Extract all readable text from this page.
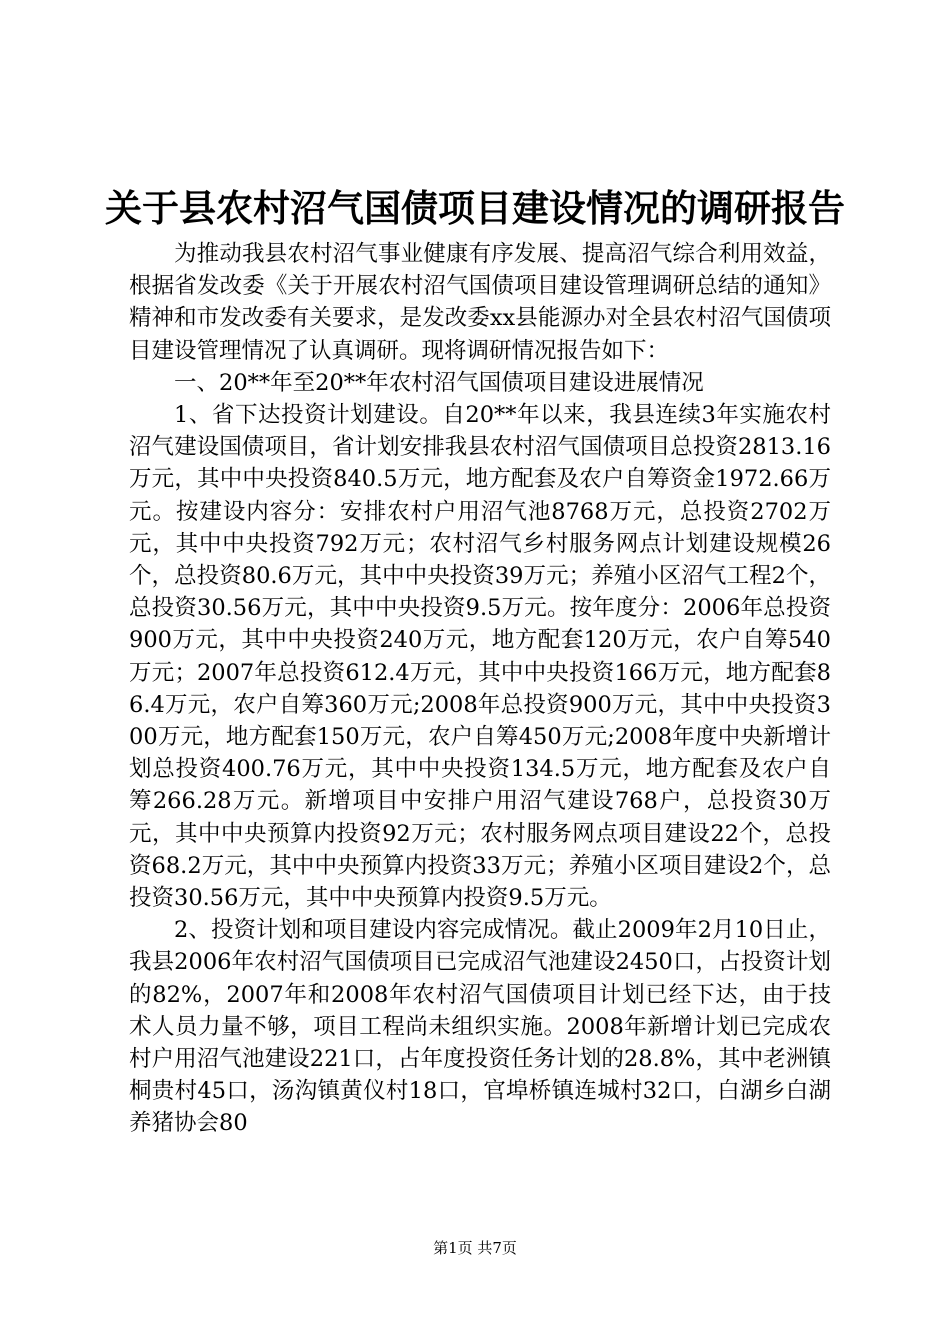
关于县农村沼气国债项目建设情况的调研报告

为推动我县农村沼气事业健康有序发展、提高沼气综合利用效益，根据省发改委《关于开展农村沼气国债项目建设管理调研总结的通知》精神和市发改委有关要求，是发改委xx县能源办对全县农村沼气国债项目建设管理情况了认真调研。现将调研情况报告如下：

一、20**年至20**年农村沼气国债项目建设进展情况

1、省下达投资计划建设。自20**年以来，我县连续3年实施农村沼气建设国债项目，省计划安排我县农村沼气国债项目总投资2813.16万元，其中中央投资840.5万元，地方配套及农户自筹资金1972.66万元。按建设内容分：安排农村户用沼气池8768万元，总投资2702万元，其中中央投资792万元；农村沼气乡村服务网点计划建设规模26个，总投资80.6万元，其中中央投资39万元；养殖小区沼气工程2个，总投资30.56万元，其中中央投资9.5万元。按年度分：2006年总投资900万元，其中中央投资240万元，地方配套120万元，农户自筹540万元；2007年总投资612.4万元，其中中央投资166万元，地方配套86.4万元，农户自筹360万元;2008年总投资900万元，其中中央投资300万元，地方配套150万元，农户自筹450万元;2008年度中央新增计划总投资400.76万元，其中中央投资134.5万元，地方配套及农户自筹266.28万元。新增项目中安排户用沼气建设768户，总投资30万元，其中中央预算内投资92万元；农村服务网点项目建设22个，总投资68.2万元，其中中央预算内投资33万元；养殖小区项目建设2个，总投资30.56万元，其中中央预算内投资9.5万元。

2、投资计划和项目建设内容完成情况。截止2009年2月10日止，我县2006年农村沼气国债项目已完成沼气池建设2450口，占投资计划的82%，2007年和2008年农村沼气国债项目计划已经下达，由于技术人员力量不够，项目工程尚未组织实施。2008年新增计划已完成农村户用沼气池建设221口，占年度投资任务计划的28.8%，其中老洲镇桐贵村45口，汤沟镇黄仪村18口，官埠桥镇连城村32口，白湖乡白湖养猪协会80

第1页 共7页
